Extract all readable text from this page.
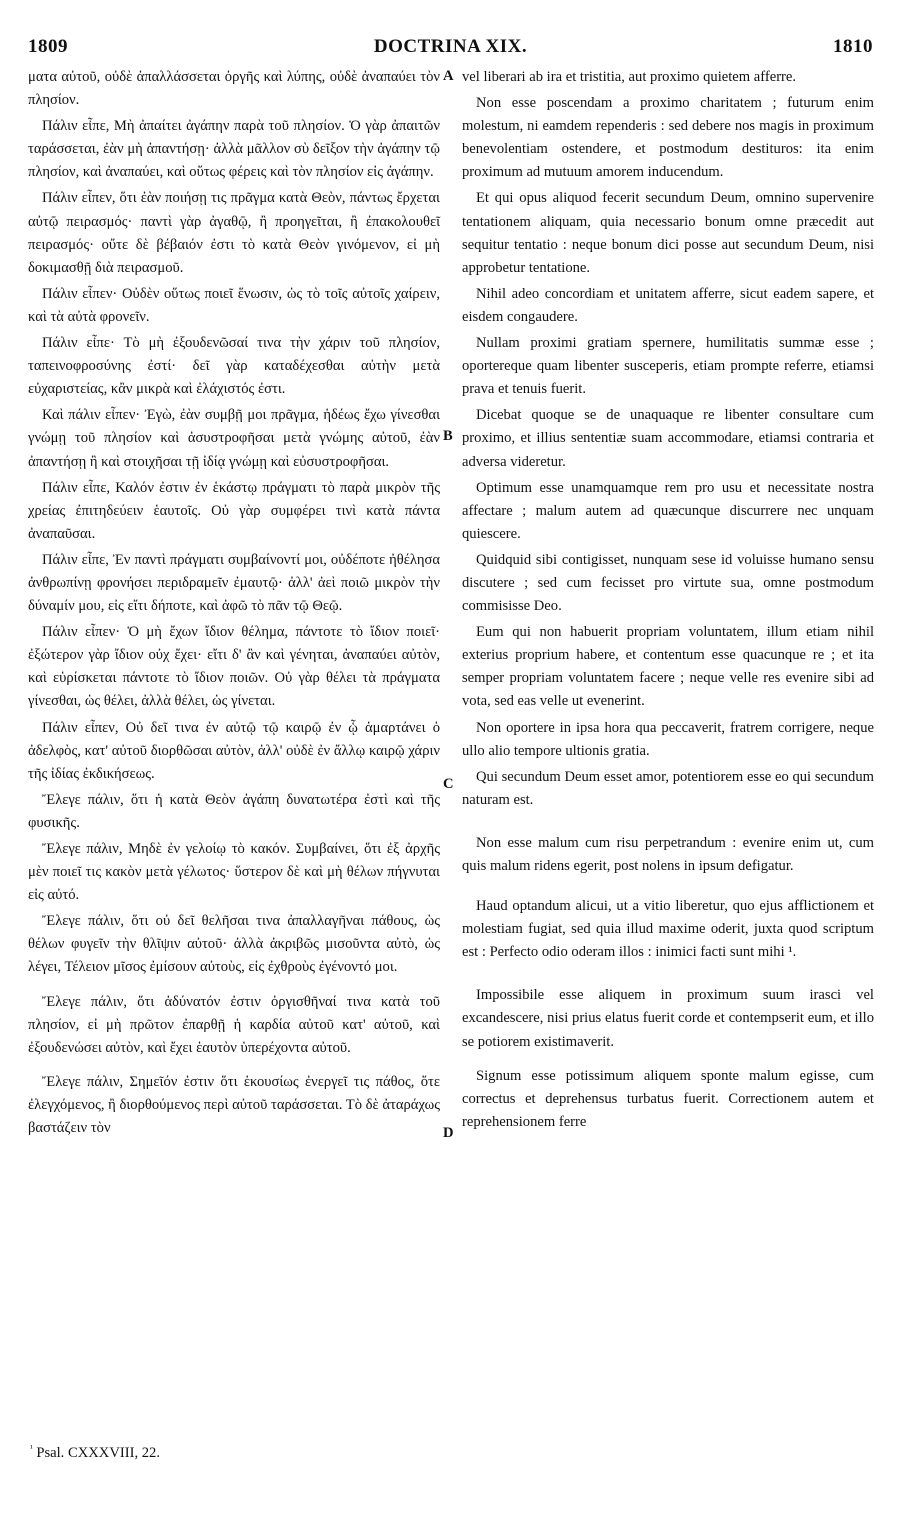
1809	DOCTRINA XIX.	1810

ματα αὐτοῦ, οὐδὲ ἀπαλλάσσεται ὀργῆς καὶ λύπης, οὐδὲ ἀναπαύει τὸν πλησίον.

Πάλιν εἶπε, Μὴ ἀπαίτει ἀγάπην παρὰ τοῦ πλησίον. Ὁ γὰρ ἀπαιτῶν ταράσσεται, ἐὰν μὴ ἀπαντήσῃ· ἀλλὰ μᾶλλον σὺ δεῖξον τὴν ἀγάπην τῷ πλησίον, καὶ ἀναπαύει, καὶ οὕτως φέρεις καὶ τὸν πλησίον εἰς ἀγάπην.

Πάλιν εἶπεν, ὅτι ἐὰν ποιήσῃ τις πρᾶγμα κατὰ Θεὸν, πάντως ἔρχεται αὐτῷ πειρασμός· παντὶ γὰρ ἀγαθῷ, ἢ προηγεῖται, ἢ ἐπακολουθεῖ πειρασμός· οὔτε δὲ βέβαιόν ἐστι τὸ κατὰ Θεὸν γινόμενον, εἰ μὴ δοκιμασθῇ διὰ πειρασμοῦ.

Πάλιν εἶπεν· Οὐδὲν οὕτως ποιεῖ ἕνωσιν, ὡς τὸ τοῖς αὐτοῖς χαίρειν, καὶ τὰ αὐτὰ φρονεῖν.

Πάλιν εἶπε· Τὸ μὴ ἐξουδενῶσαί τινα τὴν χάριν τοῦ πλησίον, ταπεινοφροσύνης ἐστί· δεῖ γὰρ καταδέχεσθαι αὐτὴν μετὰ εὐχαριστείας, κἂν μικρὰ καὶ ἐλάχιστός ἐστι.

Καὶ πάλιν εἶπεν· Ἐγὼ, ἐὰν συμβῇ μοι πρᾶγμα, ἡδέως ἔχω γίνεσθαι γνώμῃ τοῦ πλησίον καὶ ἀσυστροφῆσαι μετὰ γνώμης αὐτοῦ, ἐὰν ἀπαντήσῃ ἢ καὶ στοιχῆσαι τῇ ἰδίᾳ γνώμῃ καὶ εὐσυστροφῆσαι.

Πάλιν εἶπε, Καλόν ἐστιν ἐν ἑκάστῳ πράγματι τὸ παρὰ μικρὸν τῆς χρείας ἐπιτηδεύειν ἑαυτοῖς. Οὐ γὰρ συμφέρει τινὶ κατὰ πάντα ἀναπαῦσαι.

Πάλιν εἶπε, Ἐν παντὶ πράγματι συμβαίνοντί μοι, οὐδέποτε ἠθέλησα ἀνθρωπίνῃ φρονήσει περιδραμεῖν ἐμαυτῷ· ἀλλ' ἀεὶ ποιῶ μικρὸν τὴν δύναμίν μου, εἰς εἴτι δήποτε, καὶ ἀφῶ τὸ πᾶν τῷ Θεῷ.

Πάλιν εἶπεν· Ὁ μὴ ἔχων ἴδιον θέλημα, πάντοτε τὸ ἴδιον ποιεῖ· ἐξώτερον γὰρ ἴδιον οὐχ ἔχει· εἴτι δ' ἂν καὶ γένηται, ἀναπαύει αὐτὸν, καὶ εὑρίσκεται πάντοτε τὸ ἴδιον ποιῶν. Οὐ γὰρ θέλει τὰ πράγματα γίνεσθαι, ὡς θέλει, ἀλλὰ θέλει, ὡς γίνεται.

Πάλιν εἶπεν, Οὐ δεῖ τινα ἐν αὐτῷ τῷ καιρῷ ἐν ᾧ ἁμαρτάνει ὁ ἀδελφὸς, κατ' αὐτοῦ διορθῶσαι αὐτὸν, ἀλλ' οὐδὲ ἐν ἄλλῳ καιρῷ χάριν τῆς ἰδίας ἐκδικήσεως.

Ἔλεγε πάλιν, ὅτι ἡ κατὰ Θεὸν ἀγάπη δυνατωτέρα ἐστὶ καὶ τῆς φυσικῆς.

Ἔλεγε πάλιν, Μηδὲ ἐν γελοίῳ τὸ κακόν. Συμβαίνει, ὅτι ἐξ ἀρχῆς μὲν ποιεῖ τις κακὸν μετὰ γέλωτος· ὕστερον δὲ καὶ μὴ θέλων πήγνυται εἰς αὐτό.

Ἔλεγε πάλιν, ὅτι οὐ δεῖ θελῆσαι τινα ἀπαλλαγῆναι πάθους, ὡς θέλων φυγεῖν τὴν θλῖψιν αὐτοῦ· ἀλλὰ ἀκριβῶς μισοῦντα αὐτὸ, ὡς λέγει, Τέλειον μῖσος ἐμίσουν αὐτοὺς, εἰς ἐχθροὺς ἐγένοντό μοι.

Ἔλεγε πάλιν, ὅτι ἀδύνατόν ἐστιν ὀργισθῆναί τινα κατὰ τοῦ πλησίον, εἰ μὴ πρῶτον ἐπαρθῇ ἡ καρδία αὐτοῦ κατ' αὐτοῦ, καὶ ἐξουδενώσει αὐτὸν, καὶ ἔχει ἑαυτὸν ὑπερέχοντα αὐτοῦ.

Ἔλεγε πάλιν, Σημεῖόν ἐστιν ὅτι ἑκουσίως ἐνεργεῖ τις πάθος, ὅτε ἐλεγχόμενος, ἢ διορθούμενος περὶ αὐτοῦ ταράσσεται. Τὸ δὲ ἀταράχως βαστάζειν τὸν

A
B
C
D

vel liberari ab ira et tristitia, aut proximo quietem afferre.

Non esse poscendam a proximo charitatem ; futurum enim molestum, ni eamdem rependeris : sed debere nos magis in proximum benevolentiam ostendere, et postmodum destituros: ita enim proximum ad mutuum amorem inducendum.

Et qui opus aliquod fecerit secundum Deum, omnino supervenire tentationem aliquam, quia necessario bonum omne præcedit aut sequitur tentatio : neque bonum dici posse aut secundum Deum, nisi approbetur tentatione.

Nihil adeo concordiam et unitatem afferre, sicut eadem sapere, et eisdem congaudere.

Nullam proximi gratiam spernere, humilitatis summæ esse ; oportereque quam libenter susceperis, etiam prompte referre, etiamsi prava et tenuis fuerit.

Dicebat quoque se de unaquaque re libenter consultare cum proximo, et illius sententiæ suam accommodare, etiamsi contraria et adversa videretur.

Optimum esse unamquamque rem pro usu et necessitate nostra affectare ; malum autem ad quæcunque discurrere nec unquam quiescere.

Quidquid sibi contigisset, nunquam sese id voluisse humano sensu discutere ; sed cum fecisset pro virtute sua, omne postmodum commisisse Deo.

Eum qui non habuerit propriam voluntatem, illum etiam nihil exterius proprium habere, et contentum esse quacunque re ; et ita semper propriam voluntatem facere ; neque velle res evenire sibi ad vota, sed eas velle ut evenerint.

Non oportere in ipsa hora qua peccaverit, fratrem corrigere, neque ullo alio tempore ultionis gratia.

Qui secundum Deum esset amor, potentiorem esse eo qui secundum naturam est.

Non esse malum cum risu perpetrandum : evenire enim ut, cum quis malum ridens egerit, post nolens in ipsum defigatur.

Haud optandum alicui, ut a vitio liberetur, quo ejus afflictionem et molestiam fugiat, sed quia illud maxime oderit, juxta quod scriptum est : Perfecto odio oderam illos : inimici facti sunt mihi ¹.

Impossibile esse aliquem in proximum suum irasci vel excandescere, nisi prius elatus fuerit corde et contempserit eum, et illo se potiorem existimaverit.

Signum esse potissimum aliquem sponte malum egisse, cum correctus et deprehensus turbatus fuerit. Correctionem autem et reprehensionem ferre

$^{^1}$ Psal. CXXXVIII, 22.
